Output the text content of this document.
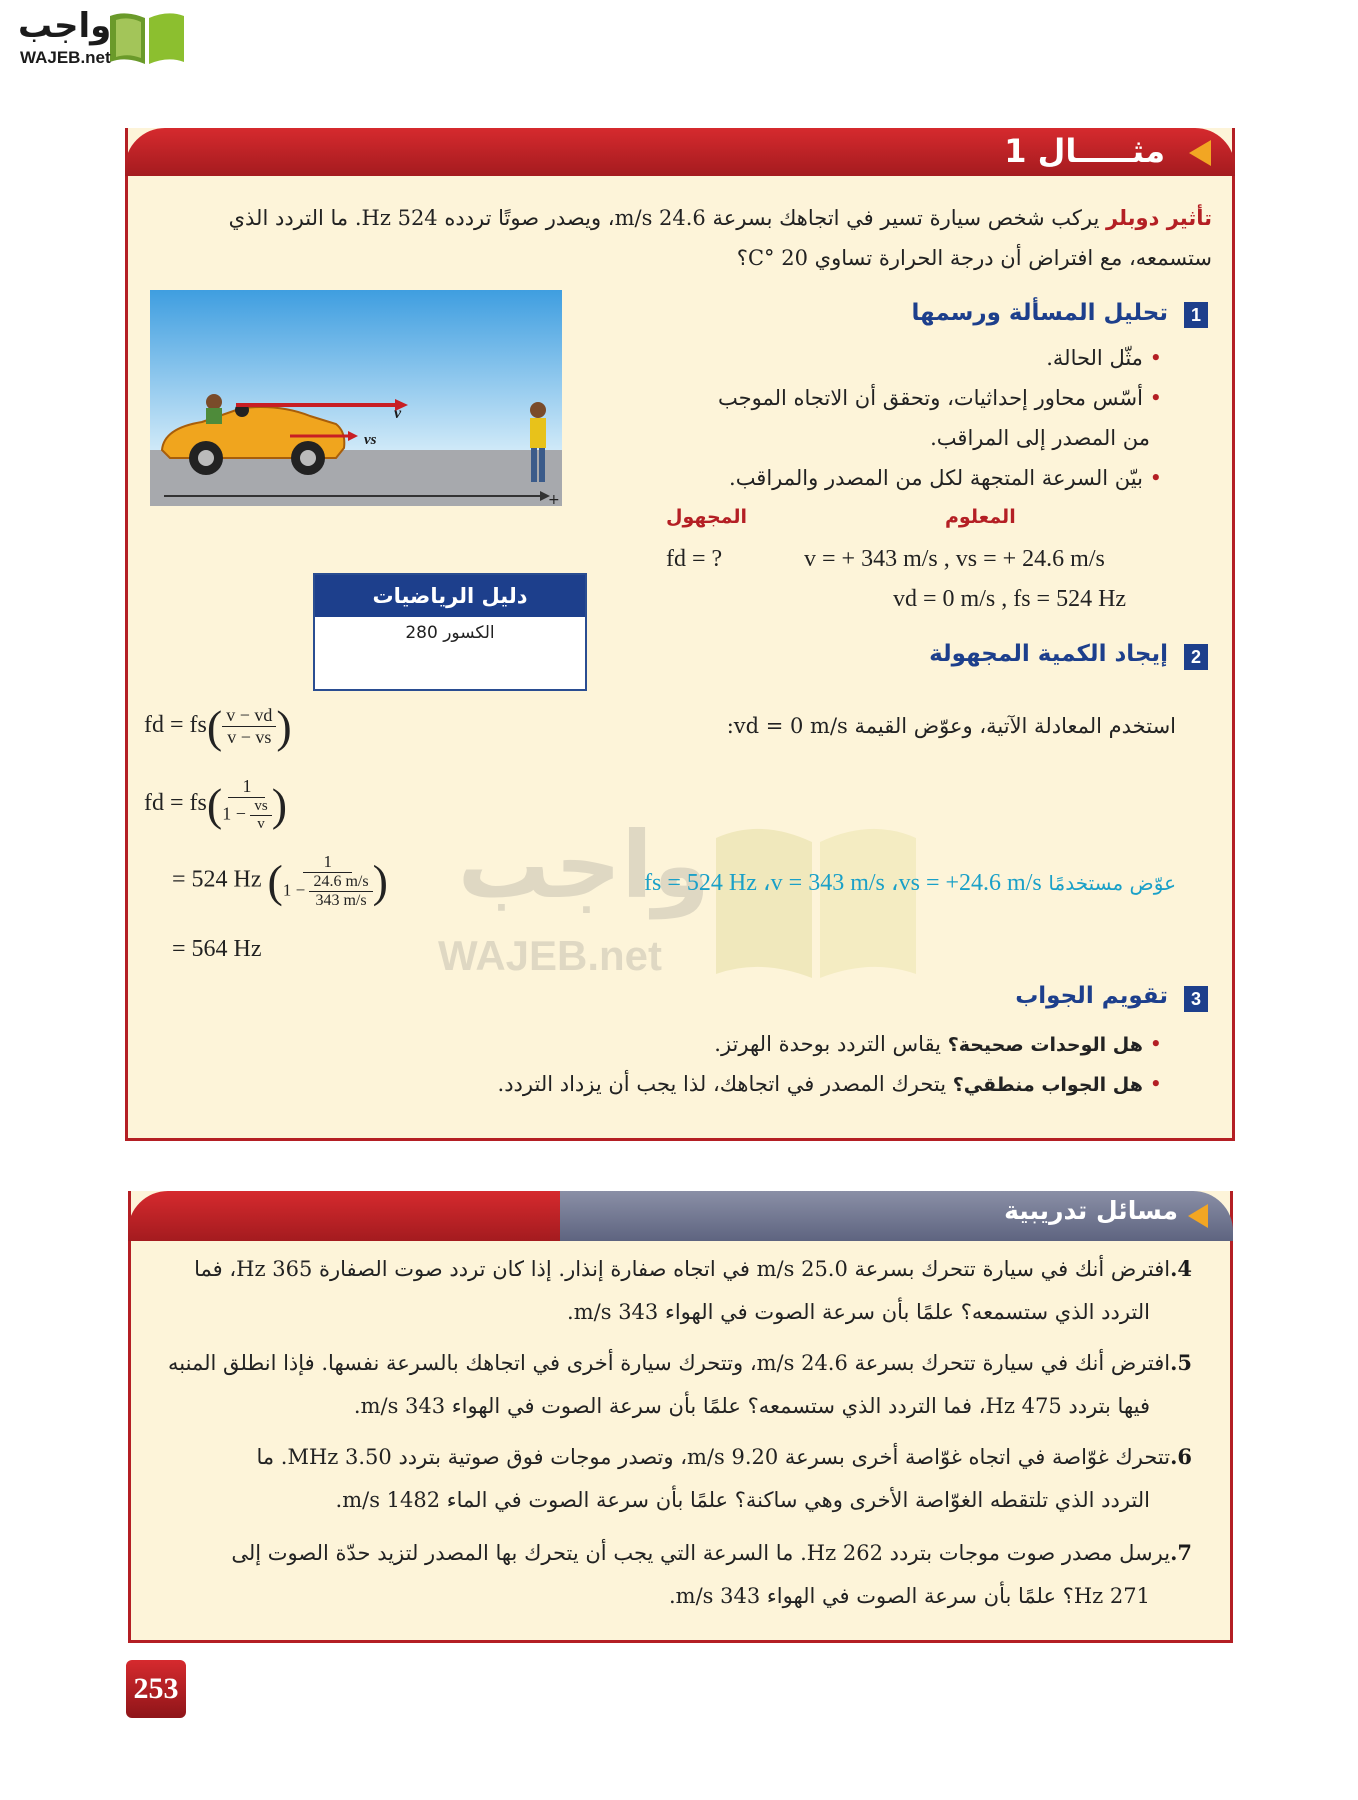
واجب
WAJEB.net
مثـــــال 1
تأثير دوبلر يركب شخص سيارة تسير في اتجاهك بسرعة 24.6 m/s، ويصدر صوتًا تردده 524 Hz. ما التردد الذي
ستسمعه، مع افتراض أن درجة الحرارة تساوي 20 °C؟
1
تحليل المسألة ورسمها
• مثّل الحالة.
• أسّس محاور إحداثيات، وتحقق أن الاتجاه الموجب
من المصدر إلى المراقب.
• بيّن السرعة المتجهة لكل من المصدر والمراقب.
المعلوم
المجهول
v = + 343 m/s , vs = + 24.6 m/s
vd = 0 m/s , fs = 524 Hz
fd = ?
v
vs
+
دليل الرياضيات
الكسور 280
واجب
WAJEB.net
2
إيجاد الكمية المجهولة
استخدم المعادلة الآتية، وعوّض القيمة vd = 0 m/s:
fd = $fs( \frac{v - vd}{v - vs}$ )
fd = $fs( \frac{1}{1 - \frac{vs}{v}}$ )
عوّض مستخدمًا fs = 524 Hz ،v = 343 m/s ،vs = +24.6 m/s
= 524 Hz ( $\frac{1}{1 - \frac{24.6 m/s}{343 m/s}}$ )
= 564 Hz
3
تقويم الجواب
• هل الوحدات صحيحة؟ يقاس التردد بوحدة الهرتز.
• هل الجواب منطقي؟ يتحرك المصدر في اتجاهك، لذا يجب أن يزداد التردد.
مسائل تدريبية
4.افترض أنك في سيارة تتحرك بسرعة 25.0 m/s في اتجاه صفارة إنذار. إذا كان تردد صوت الصفارة 365 Hz، فما
التردد الذي ستسمعه؟ علمًا بأن سرعة الصوت في الهواء 343 m/s.
5.افترض أنك في سيارة تتحرك بسرعة 24.6 m/s، وتتحرك سيارة أخرى في اتجاهك بالسرعة نفسها. فإذا انطلق المنبه
فيها بتردد 475 Hz، فما التردد الذي ستسمعه؟ علمًا بأن سرعة الصوت في الهواء 343 m/s.
6.تتحرك غوّاصة في اتجاه غوّاصة أخرى بسرعة 9.20 m/s، وتصدر موجات فوق صوتية بتردد 3.50 MHz. ما
التردد الذي تلتقطه الغوّاصة الأخرى وهي ساكنة؟ علمًا بأن سرعة الصوت في الماء 1482 m/s.
7.يرسل مصدر صوت موجات بتردد 262 Hz. ما السرعة التي يجب أن يتحرك بها المصدر لتزيد حدّة الصوت إلى
271 Hz؟ علمًا بأن سرعة الصوت في الهواء 343 m/s.
253
